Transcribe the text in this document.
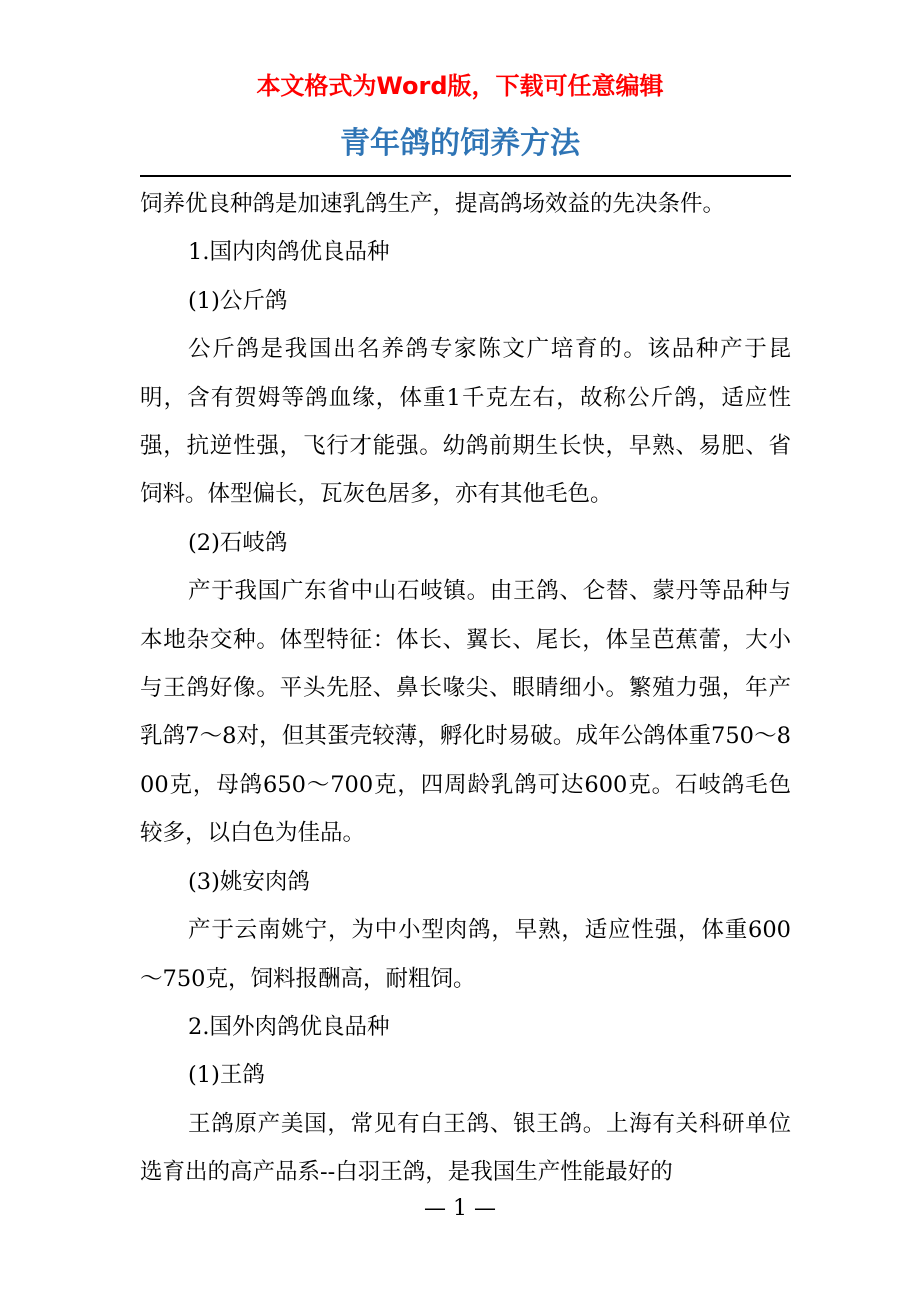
本文格式为Word版，下载可任意编辑
青年鸽的饲养方法

饲养优良种鸽是加速乳鸽生产，提高鸽场效益的先决条件。

1.国内肉鸽优良品种

(1)公斤鸽

公斤鸽是我国出名养鸽专家陈文广培育的。该品种产于昆明，含有贺姆等鸽血缘，体重1千克左右，故称公斤鸽，适应性强，抗逆性强，飞行才能强。幼鸽前期生长快，早熟、易肥、省饲料。体型偏长，瓦灰色居多，亦有其他毛色。

(2)石岐鸽

产于我国广东省中山石岐镇。由王鸽、仑替、蒙丹等品种与本地杂交种。体型特征：体长、翼长、尾长，体呈芭蕉蕾，大小与王鸽好像。平头先胫、鼻长喙尖、眼睛细小。繁殖力强，年产乳鸽7～8对，但其蛋壳较薄，孵化时易破。成年公鸽体重750～800克，母鸽650～700克，四周龄乳鸽可达600克。石岐鸽毛色较多，以白色为佳品。

(3)姚安肉鸽

产于云南姚宁，为中小型肉鸽，早熟，适应性强，体重600～750克，饲料报酬高，耐粗饲。

2.国外肉鸽优良品种

(1)王鸽

王鸽原产美国，常见有白王鸽、银王鸽。上海有关科研单位选育出的高产品系--白羽王鸽，是我国生产性能最好的

— 1 —
